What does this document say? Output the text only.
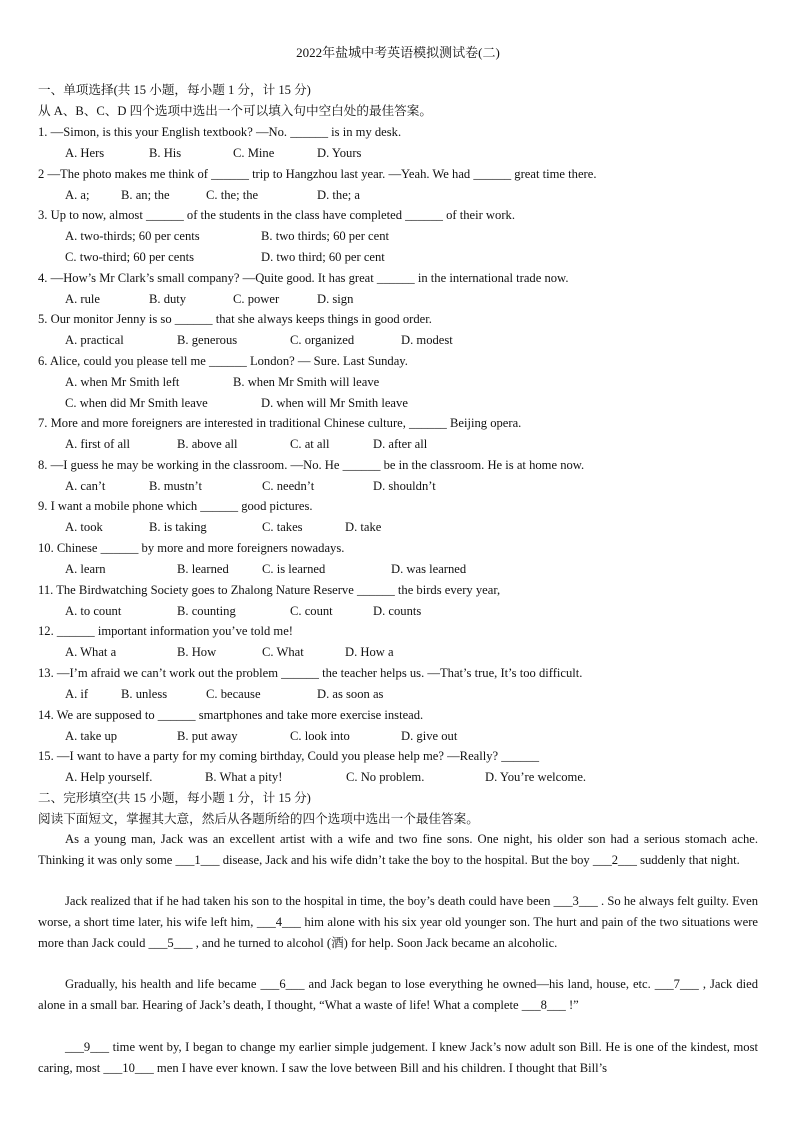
2022年盐城中考英语模拟测试卷(二)
一、单项选择(共 15 小题，每小题 1 分，计 15 分)
从 A、B、C、D 四个选项中选出一个可以填入句中空白处的最佳答案。
1. —Simon, is this your English textbook? —No. ______ is in my desk.
A. Hers	B. His	C. Mine	D. Yours
2 —The photo makes me think of ______ trip to Hangzhou last year. —Yeah. We had ______ great time there.
A. a;	B. an; the	C. the; the	D. the; a
3. Up to now, almost ______ of the students in the class have completed ______ of their work.
A. two-thirds; 60 per cents	B. two thirds; 60 per cent
C. two-third; 60 per cents	D. two third; 60 per cent
4. —How’s Mr Clark’s small company? —Quite good. It has great ______ in the international trade now.
A. rule	B. duty	C. power	D. sign
5. Our monitor Jenny is so ______ that she always keeps things in good order.
A. practical	B. generous	C. organized	D. modest
6. Alice, could you please tell me ______ London? — Sure. Last Sunday.
A. when Mr Smith left	B. when Mr Smith will leave
C. when did Mr Smith leave	D. when will Mr Smith leave
7. More and more foreigners are interested in traditional Chinese culture, ______ Beijing opera.
A. first of all	B. above all	C. at all	D. after all
8. —I guess he may be working in the classroom. —No. He ______ be in the classroom. He is at home now.
A. can’t	B. mustn’t	C. needn’t	D. shouldn’t
9. I want a mobile phone which ______ good pictures.
A. took	B. is taking	C. takes	D. take
10. Chinese ______ by more and more foreigners nowadays.
A. learn	B. learned	C. is learned	D. was learned
11. The Birdwatching Society goes to Zhalong Nature Reserve ______ the birds every year,
A. to count	B. counting	C. count	D. counts
12. ______ important information you’ve told me!
A. What a	B. How	C. What	D. How a
13. —I’m afraid we can’t work out the problem ______ the teacher helps us. —That’s true, It’s too difficult.
A. if	B. unless	C. because	D. as soon as
14. We are supposed to ______ smartphones and take more exercise instead.
A. take up	B. put away	C. look into	D. give out
15. —I want to have a party for my coming birthday, Could you please help me? —Really? ______
A. Help yourself.	B. What a pity!	C. No problem.	D. You’re welcome.
二、完形填空(共 15 小题，每小题 1 分，计 15 分)
阅读下面短文，掌握其大意，然后从各题所给的四个选项中选出一个最佳答案。
As a young man, Jack was an excellent artist with a wife and two fine sons. One night, his older son had a serious stomach ache. Thinking it was only some ___1___ disease, Jack and his wife didn’t take the boy to the hospital. But the boy ___2___ suddenly that night.
Jack realized that if he had taken his son to the hospital in time, the boy’s death could have been ___3___ . So he always felt guilty. Even worse, a short time later, his wife left him, ___4___ him alone with his six year old younger son. The hurt and pain of the two situations were more than Jack could ___5___ , and he turned to alcohol (酒) for help. Soon Jack became an alcoholic.
Gradually, his health and life became ___6___ and Jack began to lose everything he owned—his land, house, etc. ___7___ , Jack died alone in a small bar. Hearing of Jack’s death, I thought, “What a waste of life! What a complete ___8___ !”
___9___ time went by, I began to change my earlier simple judgement. I knew Jack’s now adult son Bill. He is one of the kindest, most caring, most ___10___ men I have ever known. I saw the love between Bill and his children. I thought that Bill’s
